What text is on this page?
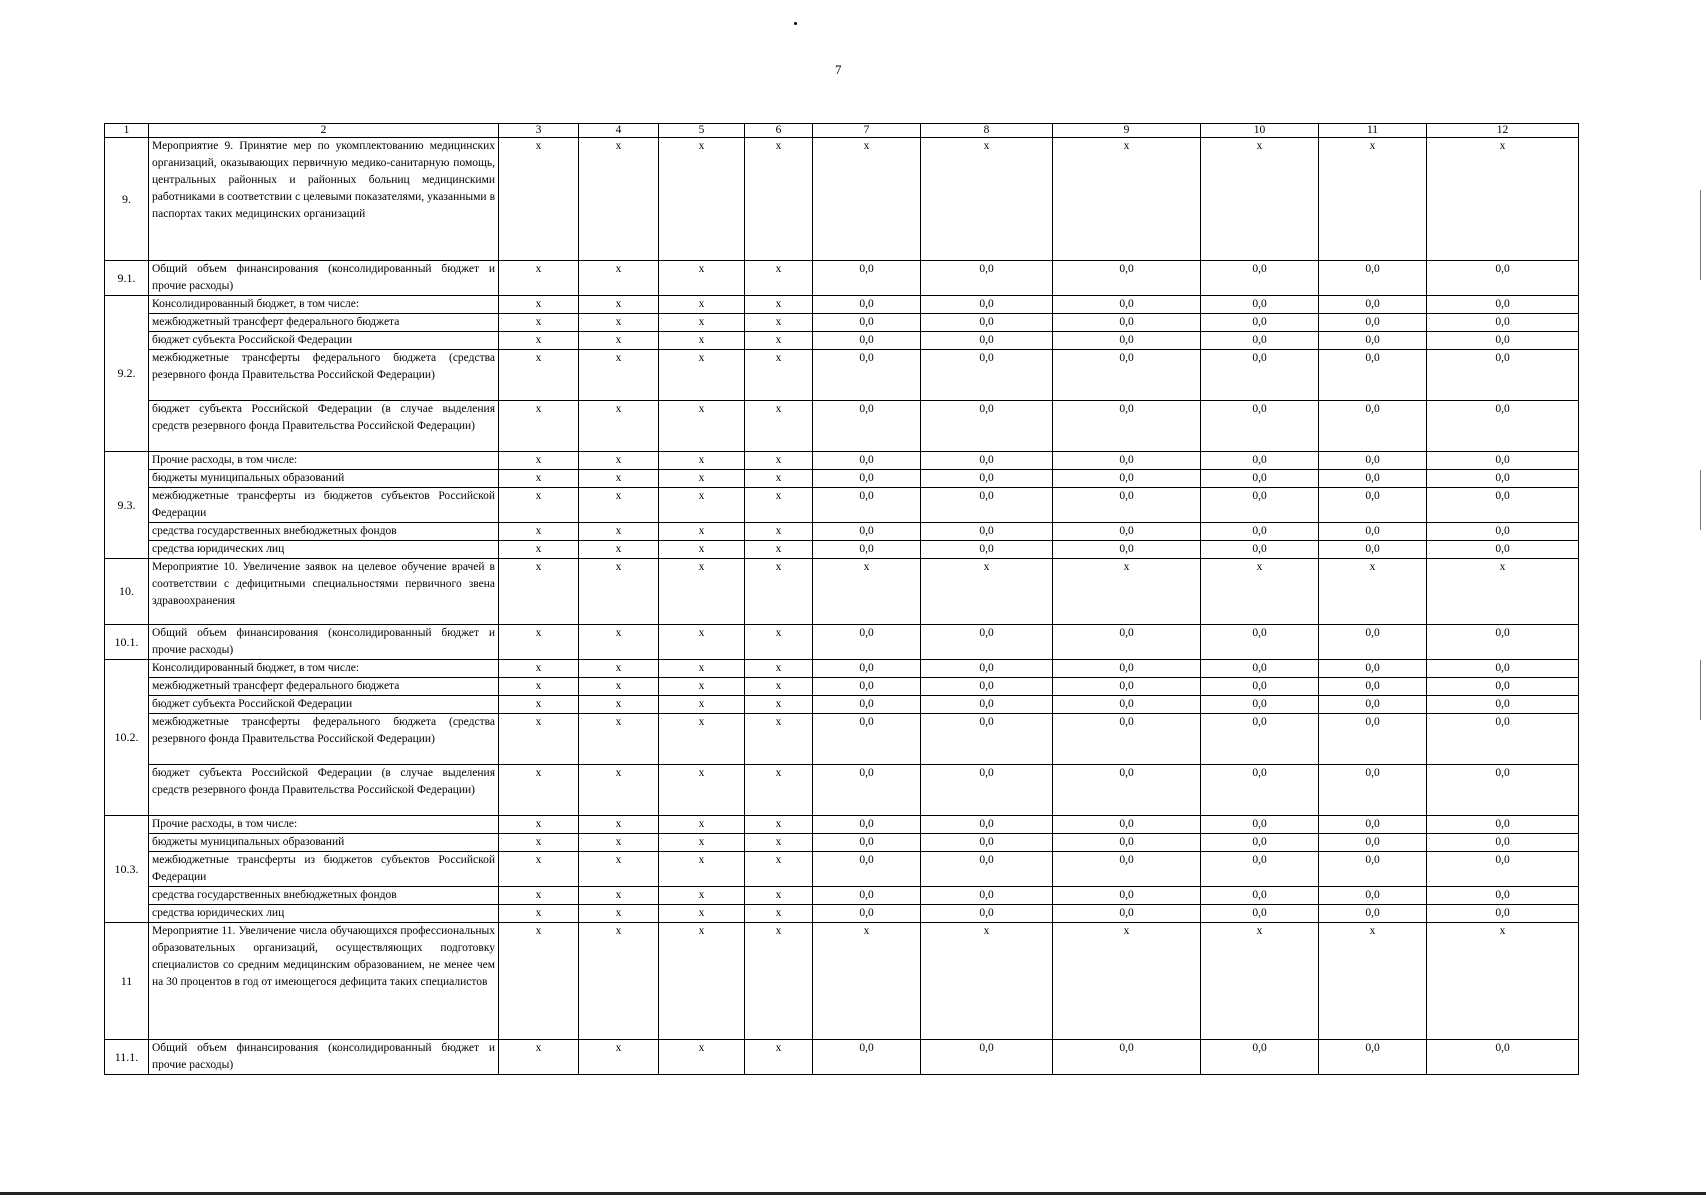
7
1	2	3	4	5	6	7	8	9	10	11	12
9.	Мероприятие 9. Принятие мер по укомплектованию медицинских организаций, оказывающих первичную медико-санитарную помощь, центральных районных и районных больниц медицинскими работниками в соответствии с целевыми показателями, указанными в паспортах таких медицинских организаций	x	x	x	x	x	x	x	x	x	x
9.1.	Общий объем финансирования (консолидированный бюджет и прочие расходы)	x	x	x	x	0,0	0,0	0,0	0,0	0,0	0,0
9.2.	Консолидированный бюджет, в том числе:	x	x	x	x	0,0	0,0	0,0	0,0	0,0	0,0
	межбюджетный трансферт федерального бюджета	x	x	x	x	0,0	0,0	0,0	0,0	0,0	0,0
	бюджет субъекта Российской Федерации	x	x	x	x	0,0	0,0	0,0	0,0	0,0	0,0
	межбюджетные трансферты федерального бюджета (средства резервного фонда Правительства Российской Федерации)	x	x	x	x	0,0	0,0	0,0	0,0	0,0	0,0
	бюджет субъекта Российской Федерации (в случае выделения средств резервного фонда Правительства Российской Федерации)	x	x	x	x	0,0	0,0	0,0	0,0	0,0	0,0
9.3.	Прочие расходы, в том числе:	x	x	x	x	0,0	0,0	0,0	0,0	0,0	0,0
	бюджеты муниципальных образований	x	x	x	x	0,0	0,0	0,0	0,0	0,0	0,0
	межбюджетные трансферты из бюджетов субъектов Российской Федерации	x	x	x	x	0,0	0,0	0,0	0,0	0,0	0,0
	средства государственных внебюджетных фондов	x	x	x	x	0,0	0,0	0,0	0,0	0,0	0,0
	средства юридических лиц	x	x	x	x	0,0	0,0	0,0	0,0	0,0	0,0
10.	Мероприятие 10. Увеличение заявок на целевое обучение врачей в соответствии с дефицитными специальностями первичного звена здравоохранения	x	x	x	x	x	x	x	x	x	x
10.1.	Общий объем финансирования (консолидированный бюджет и прочие расходы)	x	x	x	x	0,0	0,0	0,0	0,0	0,0	0,0
10.2.	Консолидированный бюджет, в том числе:	x	x	x	x	0,0	0,0	0,0	0,0	0,0	0,0
	межбюджетный трансферт федерального бюджета	x	x	x	x	0,0	0,0	0,0	0,0	0,0	0,0
	бюджет субъекта Российской Федерации	x	x	x	x	0,0	0,0	0,0	0,0	0,0	0,0
	межбюджетные трансферты федерального бюджета (средства резервного фонда Правительства Российской Федерации)	x	x	x	x	0,0	0,0	0,0	0,0	0,0	0,0
	бюджет субъекта Российской Федерации (в случае выделения средств резервного фонда Правительства Российской Федерации)	x	x	x	x	0,0	0,0	0,0	0,0	0,0	0,0
10.3.	Прочие расходы, в том числе:	x	x	x	x	0,0	0,0	0,0	0,0	0,0	0,0
	бюджеты муниципальных образований	x	x	x	x	0,0	0,0	0,0	0,0	0,0	0,0
	межбюджетные трансферты из бюджетов субъектов Российской Федерации	x	x	x	x	0,0	0,0	0,0	0,0	0,0	0,0
	средства государственных внебюджетных фондов	x	x	x	x	0,0	0,0	0,0	0,0	0,0	0,0
	средства юридических лиц	x	x	x	x	0,0	0,0	0,0	0,0	0,0	0,0
11	Мероприятие 11. Увеличение числа обучающихся профессиональных образовательных организаций, осуществляющих подготовку специалистов со средним медицинским образованием, не менее чем на 30 процентов в год от имеющегося дефицита таких специалистов	x	x	x	x	x	x	x	x	x	x
11.1.	Общий объем финансирования (консолидированный бюджет и прочие расходы)	x	x	x	x	0,0	0,0	0,0	0,0	0,0	0,0
